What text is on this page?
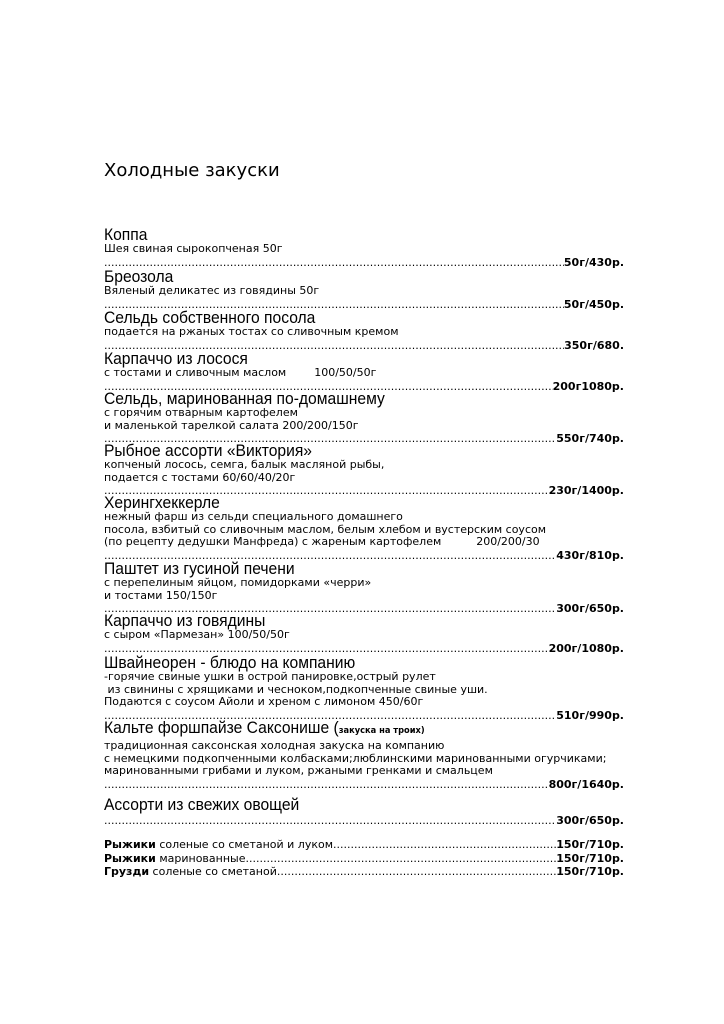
Холодные закуски
Коппа
Шея свиная сырокопченая 50г
.....
50г/430р.
Бреозола
Вяленый деликатес из говядины 50г
.....
50г/450р.
Сельдь собственного посола
подается на ржаных тостах со сливочным кремом
.....
350г/680.
Карпаччо из лосося
с тостами и сливочным маслом        100/50/50г
.....
200г1080р.
Сельдь, маринованная по-домашнему
с горячим отварным картофелем
и маленькой тарелкой салата 200/200/150г
.....
550г/740р.
Рыбное ассорти «Виктория»
копченый лосось, семга, балык масляной рыбы,
подается с тостами 60/60/40/20г
.....
230г/1400р.
Херингхеккерле
нежный фарш из сельди специального домашнего
посола, взбитый со сливочным маслом, белым хлебом и вустерским соусом
(по рецепту дедушки Манфреда) с жареным картофелем          200/200/30
.....
430г/810р.
Паштет из гусиной печени
с перепелиным яйцом, помидорками «черри»
и тостами 150/150г
.....
300г/650р.
Карпаччо из говядины
с сыром «Пармезан» 100/50/50г
.....
200г/1080р.
Швайнеорен - блюдо на компанию
-горячие свиные ушки в острой панировке,острый рулет
из свинины с хрящиками и чесноком,подкопченные свиные уши.
Подаются с соусом Айоли и хреном с лимоном 450/60г
.....
510г/990р.
Кальте форшпайзе Саксонише (закуска на троих)
традиционная саксонская холодная закуска на компанию
с немецкими подкопченными колбасками;люблинскими маринованными огурчиками;
маринованными грибами и луком, ржаными гренками и смальцем
.....
800г/1640р.
Ассорти из свежих овощей
.....
300г/650р.
Рыжики соленые со сметаной и луком .....	150г/710р.
Рыжики маринованные .....	150г/710р.
Грузди соленые со сметаной .....	150г/710р.
